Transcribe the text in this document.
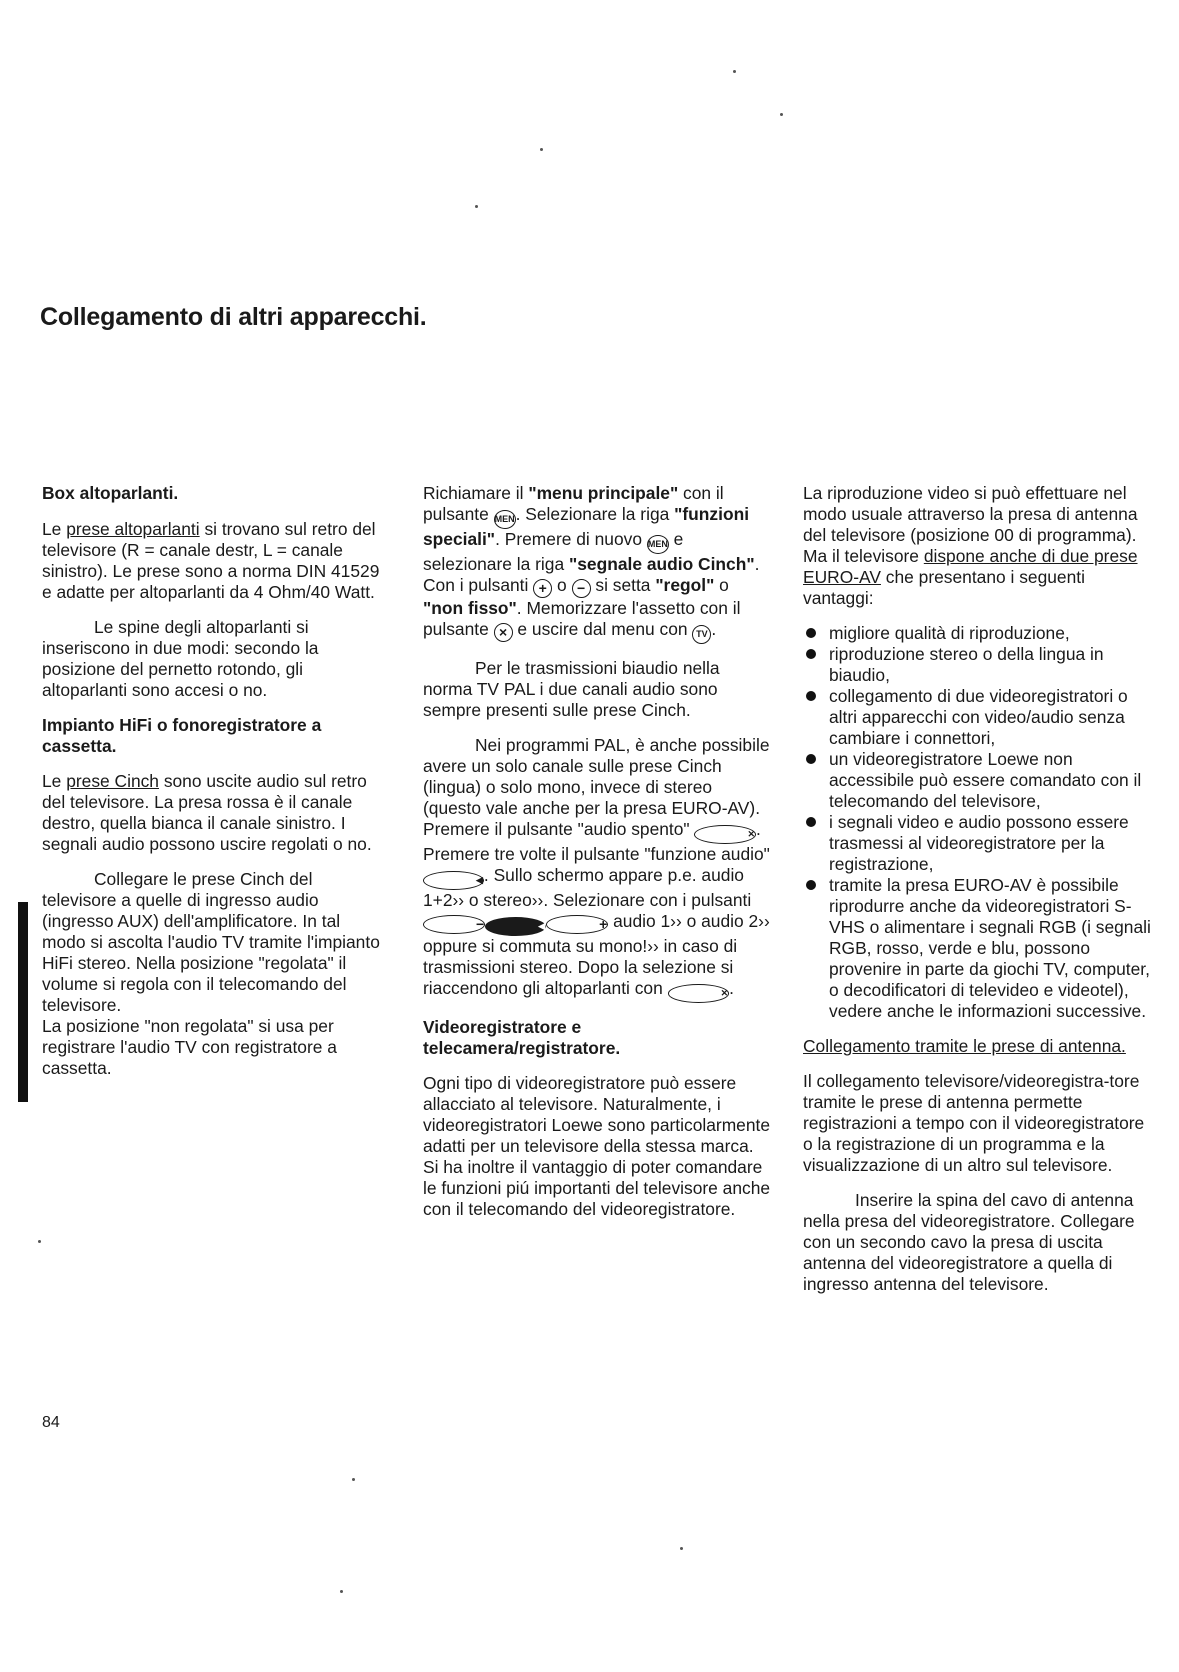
Collegamento di altri apparecchi.
Box altoparlanti.

Le prese altoparlanti si trovano sul retro del televisore (R = canale destr, L = canale sinistro). Le prese sono a norma DIN 41529 e adatte per altoparlanti da 4 Ohm/40 Watt.

Le spine degli altoparlanti si inseriscono in due modi: secondo la posizione del pernetto rotondo, gli altoparlanti sono accesi o no.

Impianto HiFi o fonoregistratore a cassetta.

Le prese Cinch sono uscite audio sul retro del televisore. La presa rossa è il canale destro, quella bianca il canale sinistro. I segnali audio possono uscire regolati o no.

Collegare le prese Cinch del televisore a quelle di ingresso audio (ingresso AUX) dell'amplificatore. In tal modo si ascolta l'audio TV tramite l'impianto HiFi stereo. Nella posizione "regolata" il volume si regola con il telecomando del televisore.

La posizione "non regolata" si usa per registrare l'audio TV con registratore a cassetta.

Richiamare il "menu principale" con il pulsante MEN. Selezionare la riga "funzioni speciali". Premere di nuovo MEN e selezionare la riga "segnale audio Cinch". Con i pulsanti + o − si setta "regol" o "non fisso". Memorizzare l'assetto con il pulsante × e uscire dal menu con TV .

Per le trasmissioni biaudio nella norma TV PAL i due canali audio sono sempre presenti sulle prese Cinch.

Nei programmi PAL, è anche possibile avere un solo canale sulle prese Cinch (lingua) o solo mono, invece di stereo (questo vale anche per la presa EURO-AV). Premere il pulsante "audio spento"	✕. Premere tre volte il pulsante "funzione audio" ◀. Sullo schermo appare p.e. audio 1+2›› o stereo››. Selezionare con i pulsanti −	◀	+ audio 1›› o audio 2›› oppure si commuta su mono!›› in caso di trasmissioni stereo. Dopo la selezione si riaccendono gli altoparlanti con	✕.

Videoregistratore e telecamera/registratore.

Ogni tipo di videoregistratore può essere allacciato al televisore. Naturalmente, i videoregistratori Loewe sono particolarmente adatti per un televisore della stessa marca. Si ha inoltre il vantaggio di poter comandare le funzioni piú importanti del televisore anche con il telecomando del videoregistratore.

La riproduzione video si può effettuare nel modo usuale attraverso la presa di antenna del televisore (posizione 00 di programma). Ma il televisore dispone anche di due prese EURO-AV che presentano i seguenti vantaggi:

migliore qualità di riproduzione,
riproduzione stereo o della lingua in biaudio,
collegamento di due videoregistratori o altri apparecchi con video/audio senza cambiare i connettori,
un videoregistratore Loewe non accessibile può essere comandato con il telecomando del televisore,
i segnali video e audio possono essere trasmessi al videoregistratore per la registrazione,
tramite la presa EURO-AV è possibile riprodurre anche da videoregistratori S-VHS o alimentare i segnali RGB (i segnali RGB, rosso, verde e blu, possono provenire in parte da giochi TV, computer, o decodificatori di televideo e videotel), vedere anche le informazioni successive.

Collegamento tramite le prese di antenna.

Il collegamento televisore/videoregistra-tore tramite le prese di antenna permette registrazioni a tempo con il videoregistratore o la registrazione di un programma e la visualizzazione di un altro sul televisore.

Inserire la spina del cavo di antenna nella presa del videoregistratore. Collegare con un secondo cavo la presa di uscita antenna del videoregistratore a quella di ingresso antenna del televisore.

84
